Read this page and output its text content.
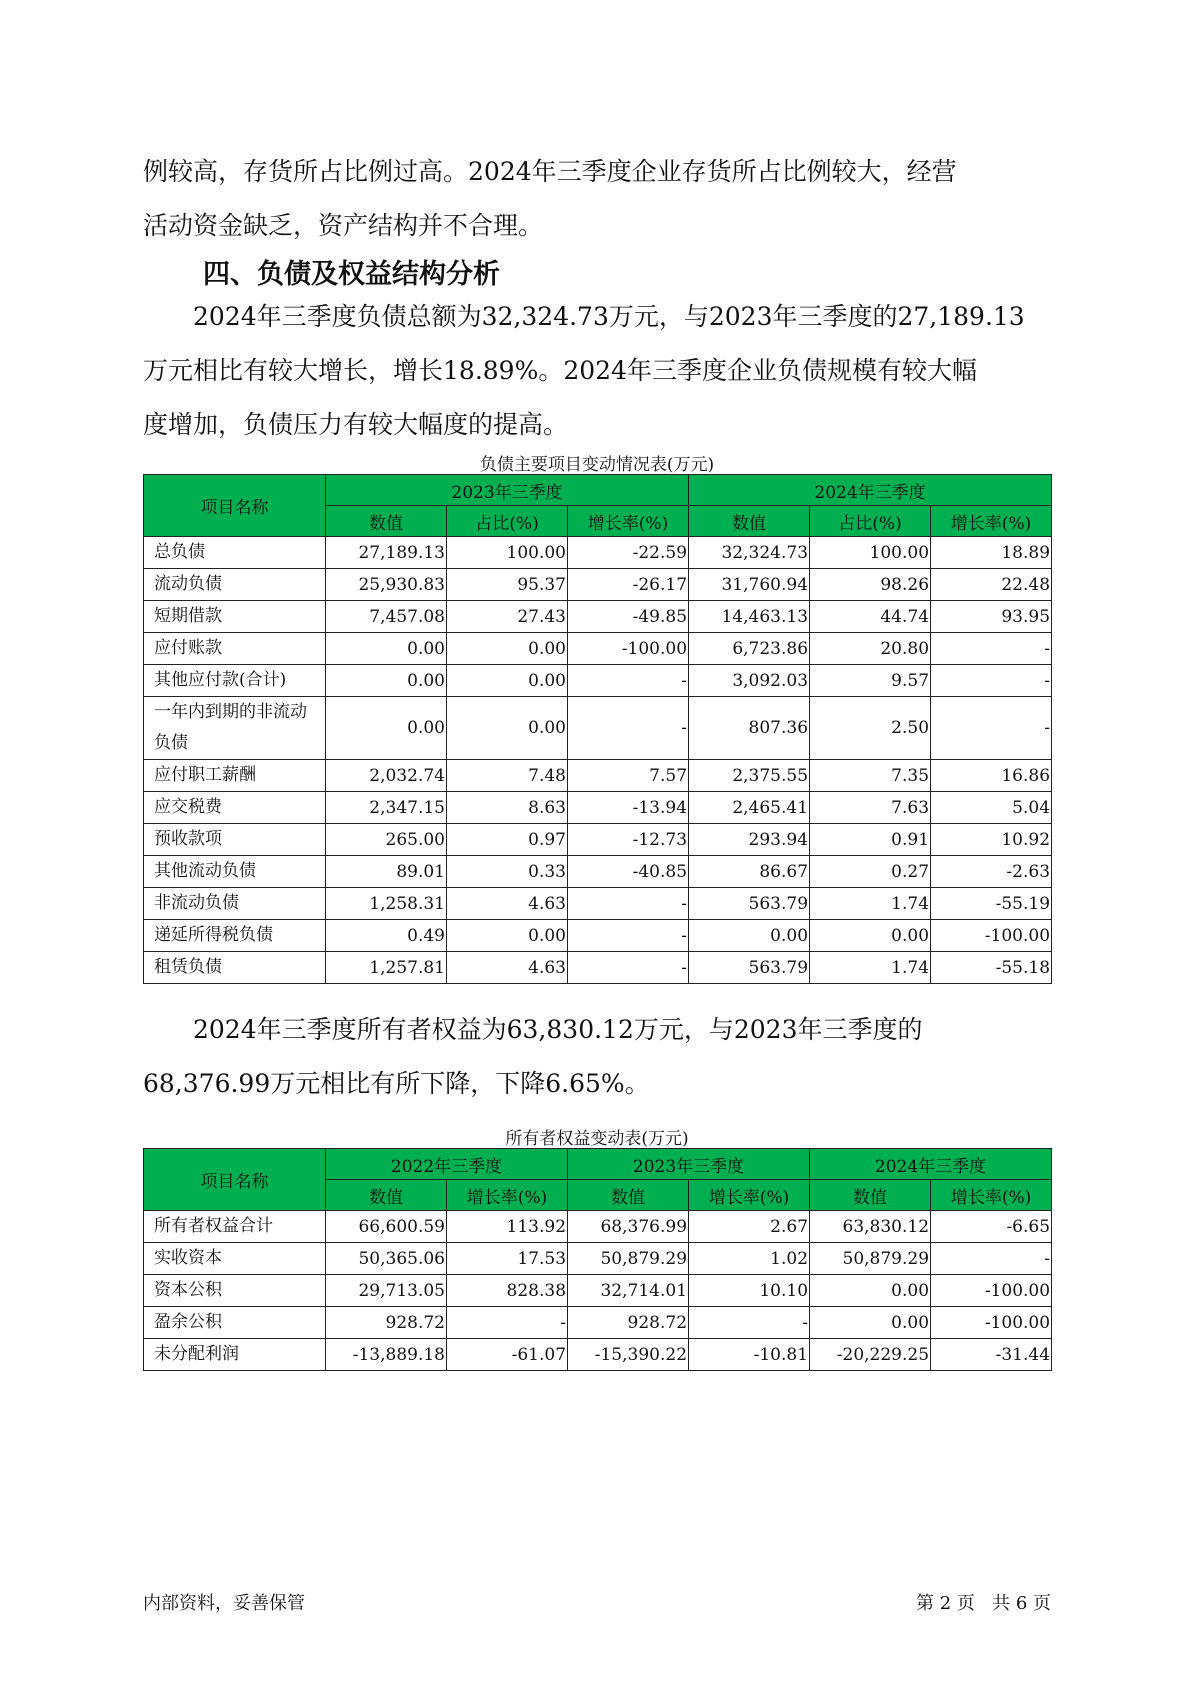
例较高，存货所占比例过高。2024年三季度企业存货所占比例较大，经营
活动资金缺乏，资产结构并不合理。
四、负债及权益结构分析
2024年三季度负债总额为32,324.73万元，与2023年三季度的27,189.13
万元相比有较大增长，增长18.89%。2024年三季度企业负债规模有较大幅
度增加，负债压力有较大幅度的提高。
负债主要项目变动情况表(万元)
项目名称	2023年三季度			2024年三季度		
	数值	占比(%)	增长率(%)	数值	占比(%)	增长率(%)
总负债	27,189.13	100.00	-22.59	32,324.73	100.00	18.89
流动负债	25,930.83	95.37	-26.17	31,760.94	98.26	22.48
短期借款	7,457.08	27.43	-49.85	14,463.13	44.74	93.95
应付账款	0.00	0.00	-100.00	6,723.86	20.80	-
其他应付款(合计)	0.00	0.00	-	3,092.03	9.57	-
一年内到期的非流动负债	0.00	0.00	-	807.36	2.50	-
应付职工薪酬	2,032.74	7.48	7.57	2,375.55	7.35	16.86
应交税费	2,347.15	8.63	-13.94	2,465.41	7.63	5.04
预收款项	265.00	0.97	-12.73	293.94	0.91	10.92
其他流动负债	89.01	0.33	-40.85	86.67	0.27	-2.63
非流动负债	1,258.31	4.63	-	563.79	1.74	-55.19
递延所得税负债	0.49	0.00	-	0.00	0.00	-100.00
租赁负债	1,257.81	4.63	-	563.79	1.74	-55.18
2024年三季度所有者权益为63,830.12万元，与2023年三季度的
68,376.99万元相比有所下降，下降6.65%。
所有者权益变动表(万元)
项目名称	2022年三季度		2023年三季度		2024年三季度	
	数值	增长率(%)	数值	增长率(%)	数值	增长率(%)
所有者权益合计	66,600.59	113.92	68,376.99	2.67	63,830.12	-6.65
实收资本	50,365.06	17.53	50,879.29	1.02	50,879.29	-
资本公积	29,713.05	828.38	32,714.01	10.10	0.00	-100.00
盈余公积	928.72	-	928.72	-	0.00	-100.00
未分配利润	-13,889.18	-61.07	-15,390.22	-10.81	-20,229.25	-31.44
内部资料，妥善保管	第 2 页   共 6 页
